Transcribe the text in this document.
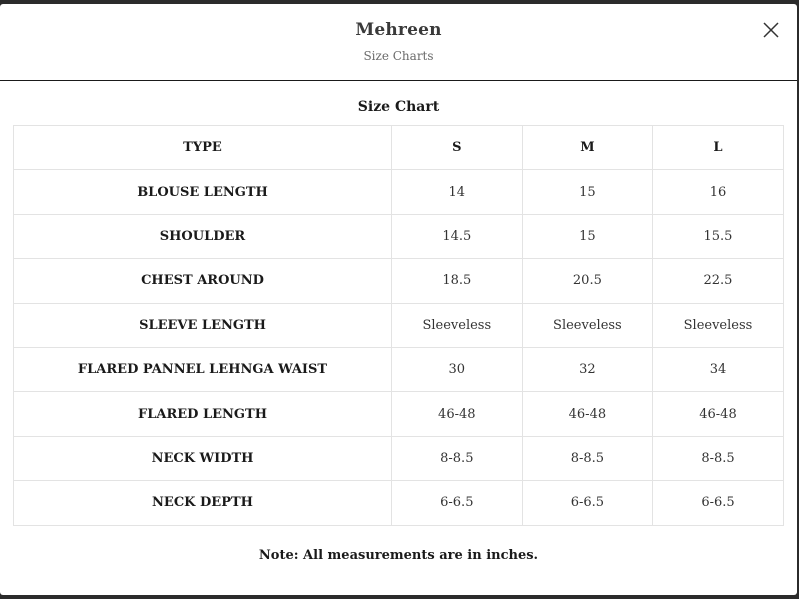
Mehreen
Size Charts
Size Chart
TYPE	S	M	L
BLOUSE LENGTH	14	15	16
SHOULDER	14.5	15	15.5
CHEST AROUND	18.5	20.5	22.5
SLEEVE LENGTH	Sleeveless	Sleeveless	Sleeveless
FLARED PANNEL LEHNGA WAIST	30	32	34
FLARED LENGTH	46-48	46-48	46-48
NECK WIDTH	8-8.5	8-8.5	8-8.5
NECK DEPTH	6-6.5	6-6.5	6-6.5
Note: All measurements are in inches.
